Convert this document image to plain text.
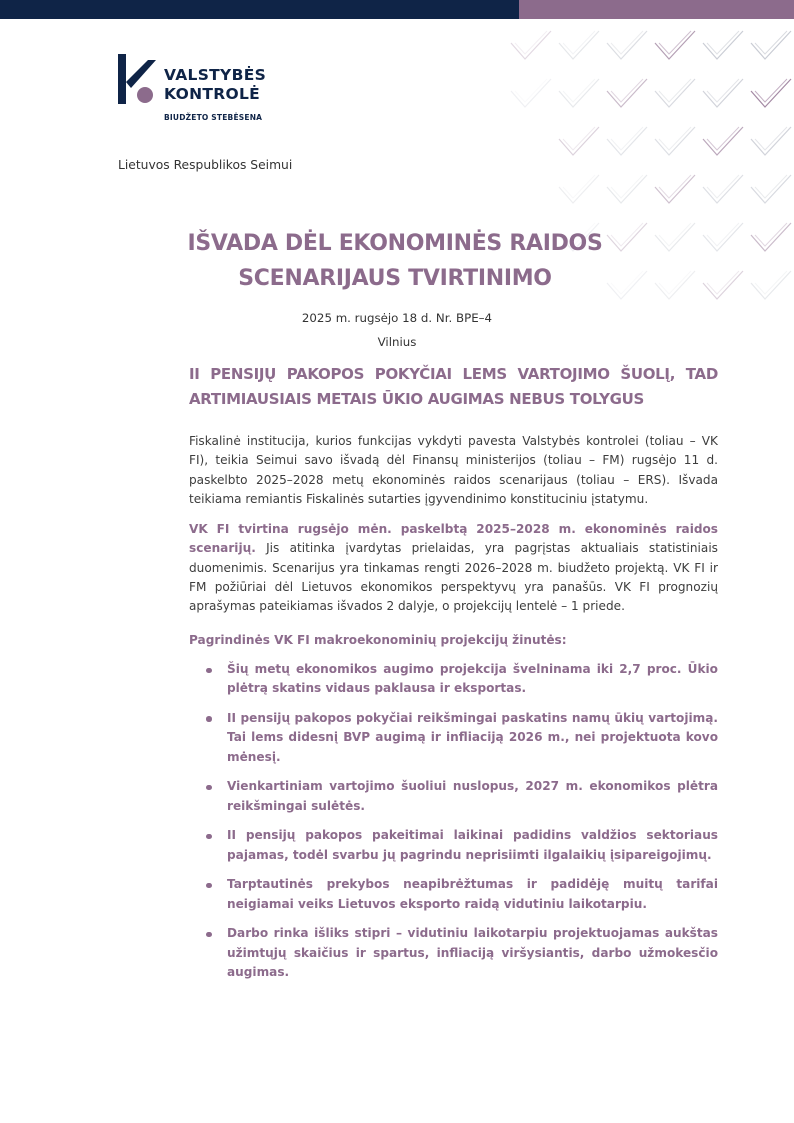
VALSTYBĖS
KONTROLĖ
BIUDŽETO STEBĖSENA
Lietuvos Respublikos Seimui
IŠVADA DĖL EKONOMINĖS RAIDOS
SCENARIJAUS TVIRTINIMO
2025 m. rugsėjo 18 d. Nr. BPE–4
Vilnius
II PENSIJŲ PAKOPOS POKYČIAI LEMS VARTOJIMO ŠUOLĮ, TAD ARTIMIAUSIAIS METAIS ŪKIO AUGIMAS NEBUS TOLYGUS
Fiskalinė institucija, kurios funkcijas vykdyti pavesta Valstybės kontrolei (toliau – VK FI), teikia Seimui savo išvadą dėl Finansų ministerijos (toliau – FM) rugsėjo 11 d. paskelbto 2025–2028 metų ekonominės raidos scenarijaus (toliau – ERS). Išvada teikiama remiantis Fiskalinės sutarties įgyvendinimo konstituciniu įstatymu.
VK FI tvirtina rugsėjo mėn. paskelbtą 2025–2028 m. ekonominės raidos scenarijų. Jis atitinka įvardytas prielaidas, yra pagrįstas aktualiais statistiniais duomenimis. Scenarijus yra tinkamas rengti 2026–2028 m. biudžeto projektą. VK FI ir FM požiūriai dėl Lietuvos ekonomikos perspektyvų yra panašūs. VK FI prognozių aprašymas pateikiamas išvados 2 dalyje, o projekcijų lentelė – 1 priede.
Pagrindinės VK FI makroekonominių projekcijų žinutės:
Šių metų ekonomikos augimo projekcija švelninama iki 2,7 proc. Ūkio plėtrą skatins vidaus paklausa ir eksportas.
II pensijų pakopos pokyčiai reikšmingai paskatins namų ūkių vartojimą. Tai lems didesnį BVP augimą ir infliaciją 2026 m., nei projektuota kovo mėnesį.
Vienkartiniam vartojimo šuoliui nuslopus, 2027 m. ekonomikos plėtra reikšmingai sulėtės.
II pensijų pakopos pakeitimai laikinai padidins valdžios sektoriaus pajamas, todėl svarbu jų pagrindu neprisiimti ilgalaikių įsipareigojimų.
Tarptautinės prekybos neapibrėžtumas ir padidėję muitų tarifai neigiamai veiks Lietuvos eksporto raidą vidutiniu laikotarpiu.
Darbo rinka išliks stipri – vidutiniu laikotarpiu projektuojamas aukštas užimtųjų skaičius ir spartus, infliaciją viršysiantis, darbo užmokesčio augimas.
